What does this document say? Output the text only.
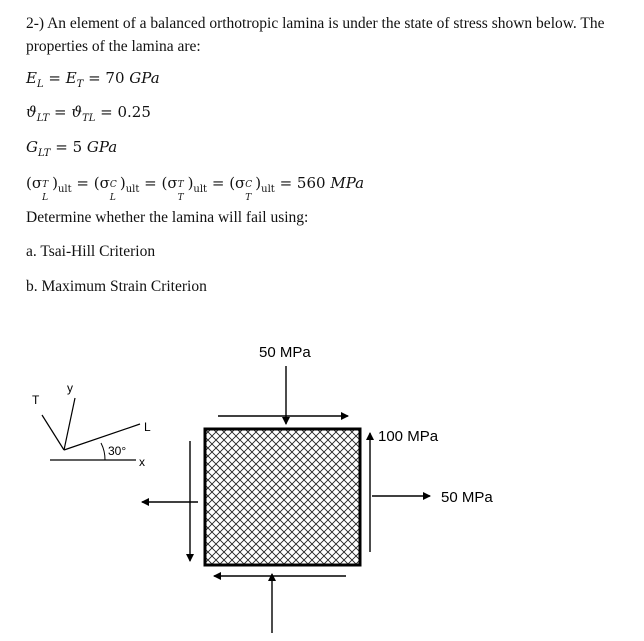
2-) An element of a balanced orthotropic lamina is under the state of stress shown below. The properties of the lamina are:
$E_L = E_T = 70$ GPa
$ϑ_{LT} = ϑ_{TL} = 0.25$
$G_{LT} = 5$ GPa
(σ T
L
)$_{ult} = (\sigma$ C
L
)$_{ult} = (\sigma$ T
T
)$_{ult} = (\sigma$ C
T
)$_{ult} = 560$ MPa
Determine whether the lamina will fail using:
a. Tsai-Hill Criterion
b. Maximum Strain Criterion
T
y
L
x
30°
50 MPa
100 MPa
50 MPa
